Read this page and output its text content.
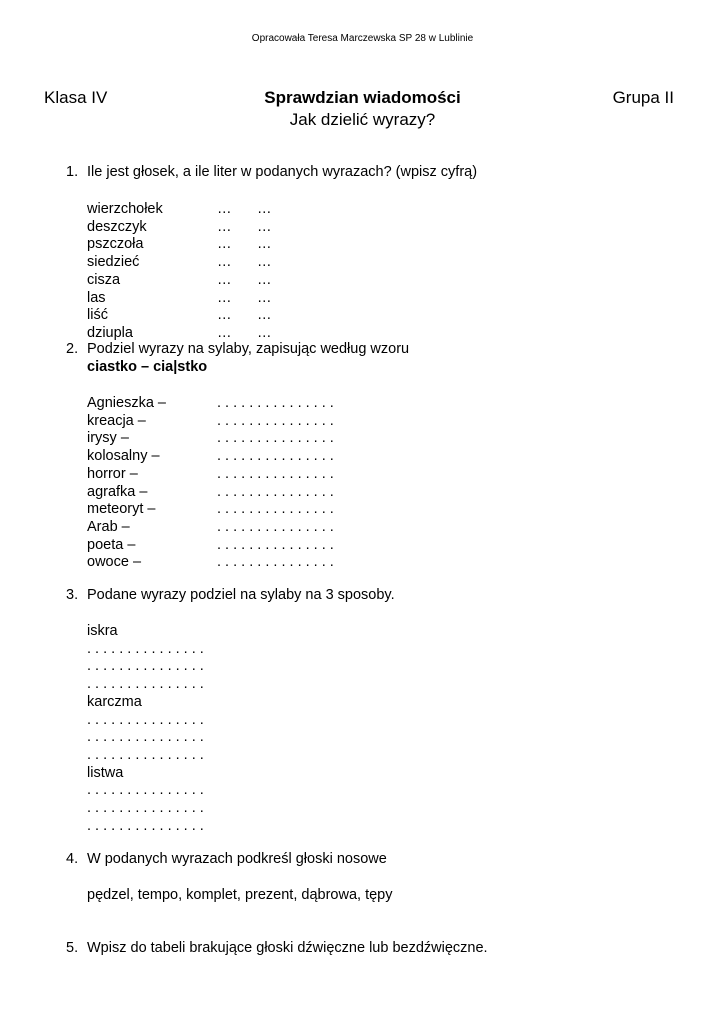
Opracowała Teresa Marczewska SP 28 w Lublinie
Klasa IV	Sprawdzian wiadomości	Grupa II
Jak dzielić wyrazy?
1. Ile jest głosek, a ile liter w podanych wyrazach? (wpisz cyfrą)
wierzchołek	… …
deszczyk	… …
pszczoła	… …
siedzieć	… …
cisza	… …
las	… …
liść	… …
dziupla	… …
2. Podziel wyrazy na sylaby, zapisując według wzoru
ciastko – cia|stko
Agnieszka –	. . . . . . . . . . . . . . .
kreacja –	. . . . . . . . . . . . . . .
irysy –	. . . . . . . . . . . . . . .
kolosalny –	. . . . . . . . . . . . . . .
horror –	. . . . . . . . . . . . . . .
agrafka –	. . . . . . . . . . . . . . .
meteoryt –	. . . . . . . . . . . . . . .
Arab –	. . . . . . . . . . . . . . .
poeta –	. . . . . . . . . . . . . . .
owoce –	. . . . . . . . . . . . . . .
3. Podane wyrazy podziel na sylaby na 3 sposoby.
iskra
. . . . . . . . . . . . . . .
. . . . . . . . . . . . . . .
. . . . . . . . . . . . . . .
karczma
. . . . . . . . . . . . . . .
. . . . . . . . . . . . . . .
. . . . . . . . . . . . . . .
listwa
. . . . . . . . . . . . . . .
. . . . . . . . . . . . . . .
. . . . . . . . . . . . . . .
4. W podanych wyrazach podkreśl głoski nosowe
pędzel, tempo, komplet, prezent, dąbrowa, tępy
5. Wpisz do tabeli brakujące głoski dźwięczne lub bezdźwięczne.
